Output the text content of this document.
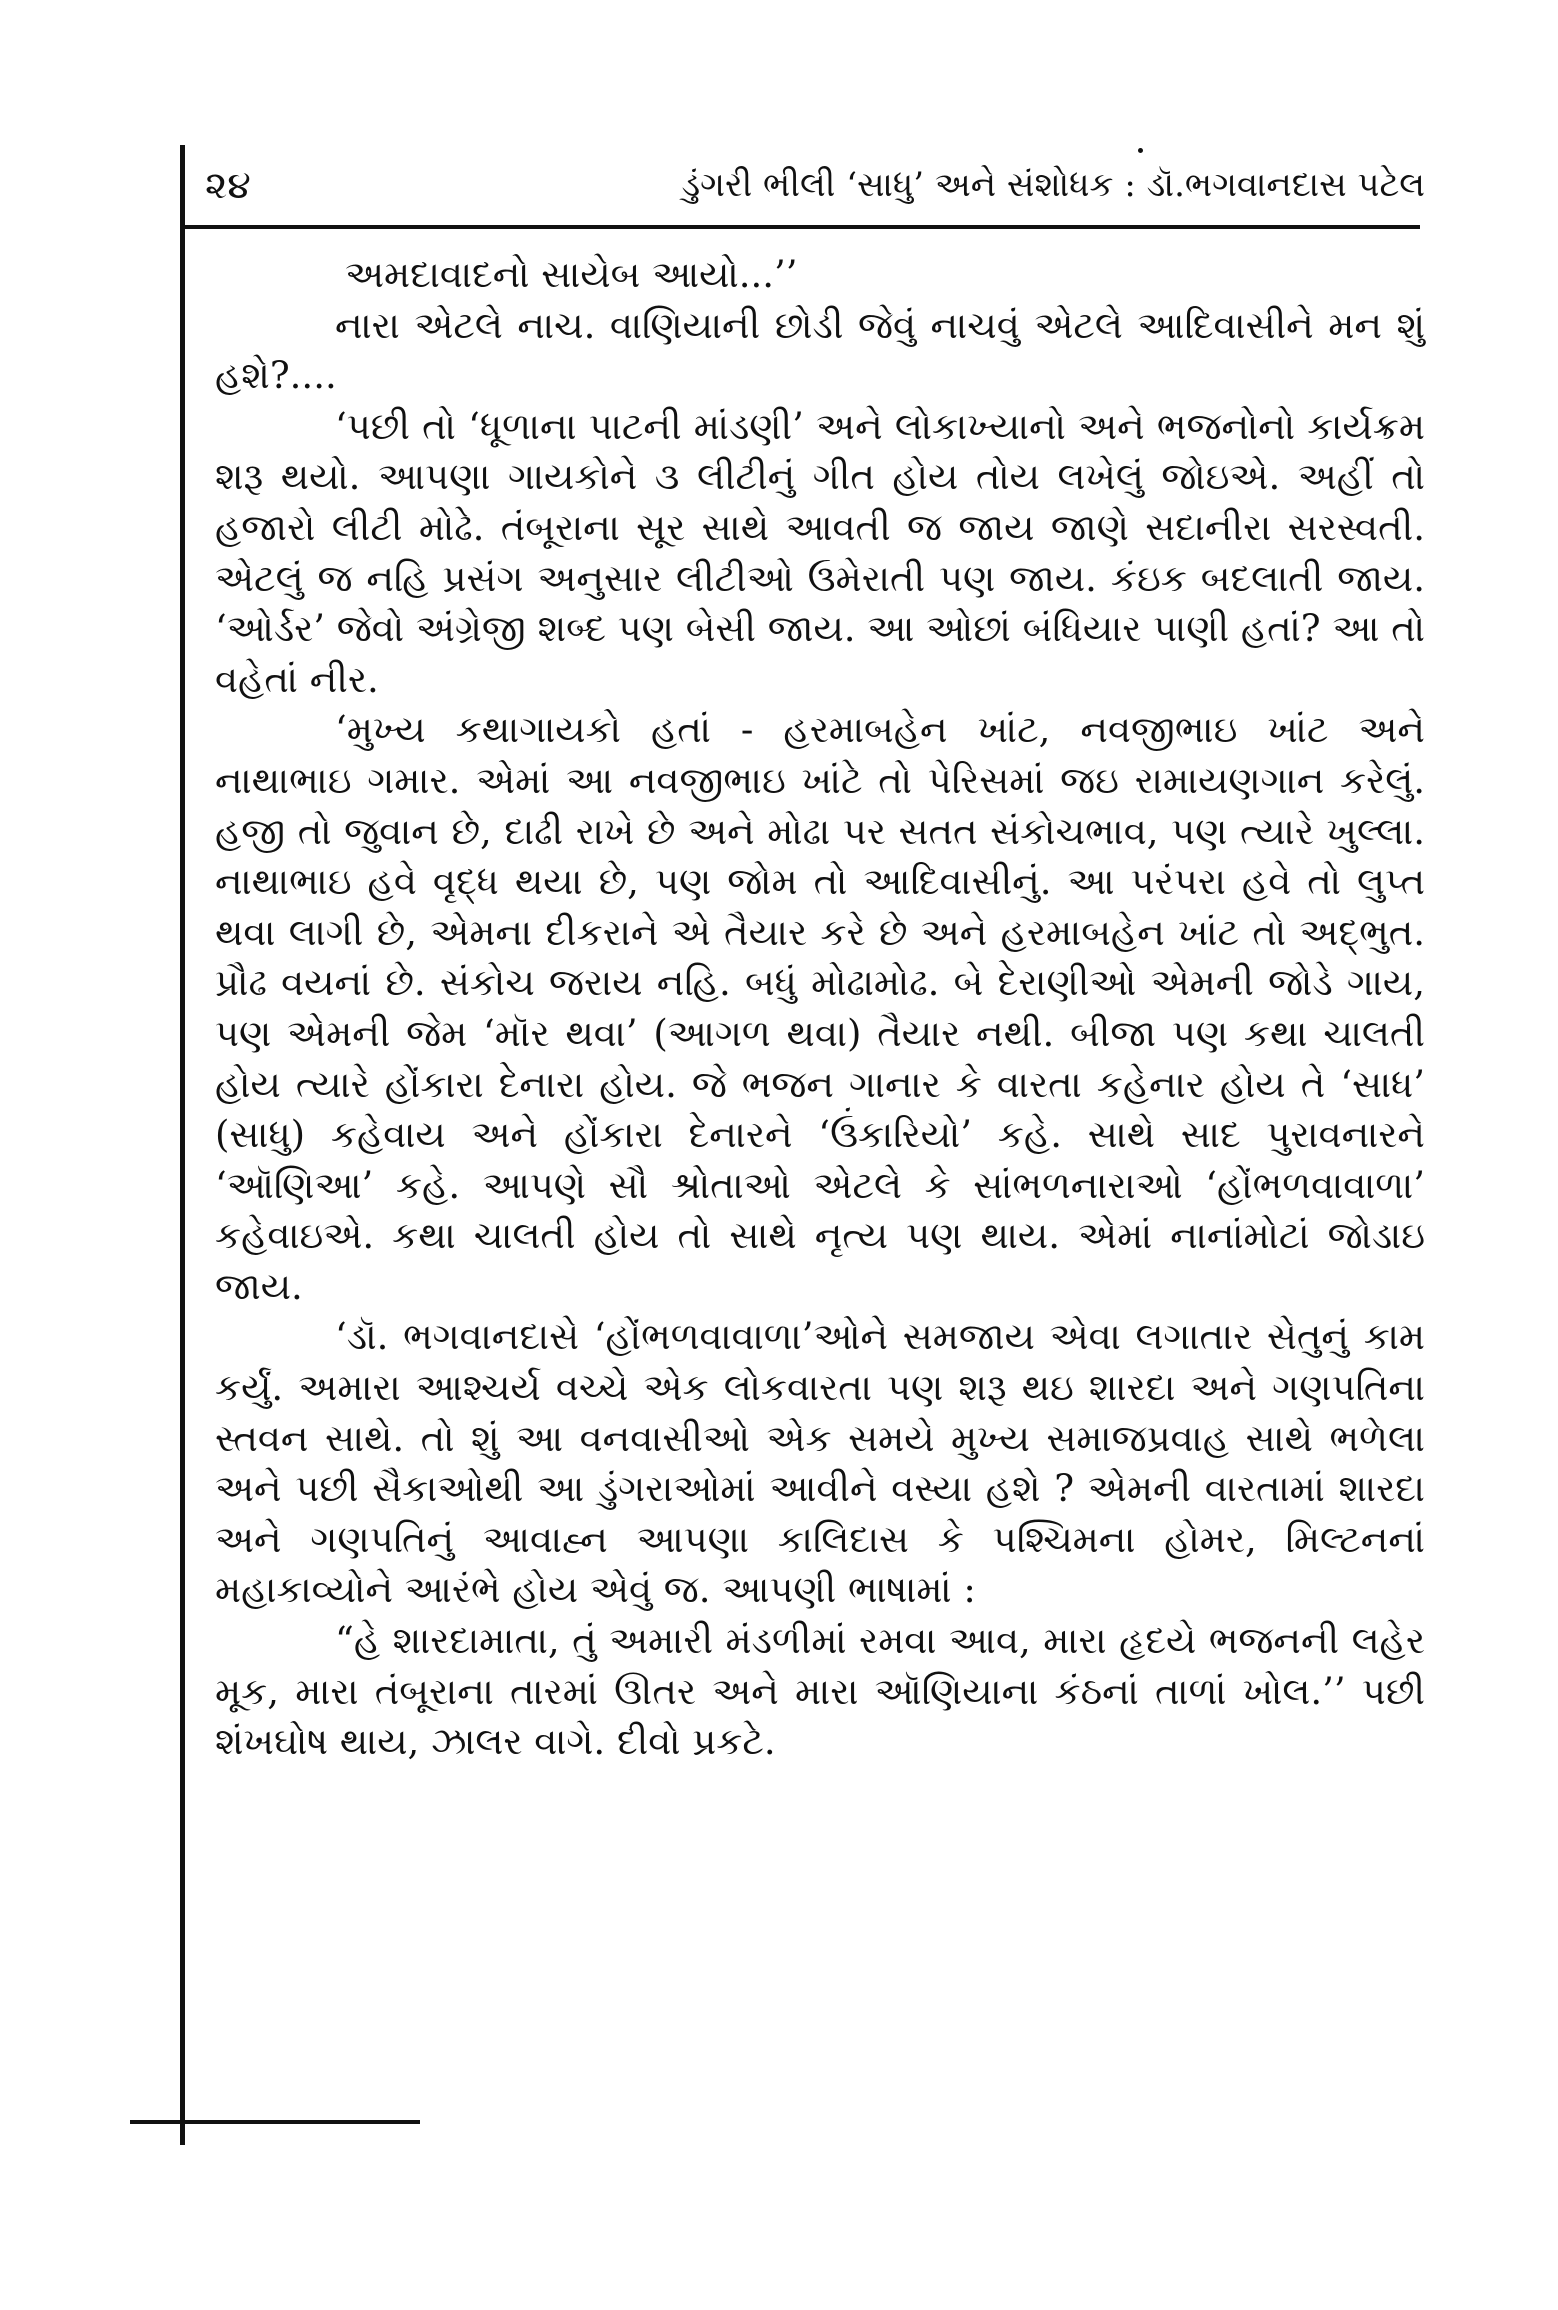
૨૪	ડુંગરી ભીલી ‘સાધુ’ અને સંશોધક : ડૉ.ભગવાનદાસ પટેલ

અમદાવાદનો સાયેબ આયો...’’

નારા એટલે નાચ. વાણિયાની છોડી જેવું નાચવું એટલે આદિવાસીને મન શું હશે?....

‘પછી તો ‘ધૂળાના પાટની માંડણી’ અને લોકાખ્યાનો અને ભજનોનો કાર્યક્રમ શરૂ થયો. આપણા ગાયકોને ૩ લીટીનું ગીત હોય તોય લખેલું જોઇએ. અહીં તો હજારો લીટી મોઢે. તંબૂરાના સૂર સાથે આવતી જ જાય જાણે સદાનીરા સરસ્વતી. એટલું જ નહિ પ્રસંગ અનુસાર લીટીઓ ઉમેરાતી પણ જાય. કંઇક બદલાતી જાય. ‘ઓર્ડર’ જેવો અંગ્રેજી શબ્દ પણ બેસી જાય. આ ઓછાં બંધિયાર પાણી હતાં? આ તો વહેતાં નીર.

‘મુખ્ય કથાગાયકો હતાં - હરમાબહેન ખાંટ, નવજીભાઇ ખાંટ અને નાથાભાઇ ગમાર. એમાં આ નવજીભાઇ ખાંટે તો પેરિસમાં જઇ રામાયણગાન કરેલું. હજી તો જુવાન છે, દાઢી રાખે છે અને મોઢા પર સતત સંકોચભાવ, પણ ત્યારે ખુલ્લા. નાથાભાઇ હવે વૃદ્ધ થયા છે, પણ જોમ તો આદિવાસીનું. આ પરંપરા હવે તો લુપ્ત થવા લાગી છે, એમના દીકરાને એ તૈયાર કરે છે અને હરમાબહેન ખાંટ તો અદ્ભુત. પ્રૌઢ વયનાં છે. સંકોચ જરાય નહિ. બધું મોઢામોઢ. બે દેરાણીઓ એમની જોડે ગાય, પણ એમની જેમ ‘મૉર થવા’ (આગળ થવા) તૈયાર નથી. બીજા પણ કથા ચાલતી હોય ત્યારે હોંકારા દેનારા હોય. જે ભજન ગાનાર કે વારતા કહેનાર હોય તે ‘સાધ’ (સાધુ) કહેવાય અને હોંકારા દેનારને ‘ઉંકારિયો’ કહે. સાથે સાદ પુરાવનારને ‘ઑણિઆ’ કહે. આપણે સૌ શ્રોતાઓ એટલે કે સાંભળનારાઓ ‘હોંભળવાવાળા’ કહેવાઇએ. કથા ચાલતી હોય તો સાથે નૃત્ય પણ થાય. એમાં નાનાંમોટાં જોડાઇ જાય.

‘ડૉ. ભગવાનદાસે ‘હોંભળવાવાળા’ઓને સમજાય એવા લગાતાર સેતુનું કામ કર્યું. અમારા આશ્ચર્ય વચ્ચે એક લોકવારતા પણ શરૂ થઇ શારદા અને ગણપતિના સ્તવન સાથે. તો શું આ વનવાસીઓ એક સમયે મુખ્ય સમાજપ્રવાહ સાથે ભળેલા અને પછી સૈકાઓથી આ ડુંગરાઓમાં આવીને વસ્યા હશે ? એમની વારતામાં શારદા અને ગણપતિનું આવાહ્ન આપણા કાલિદાસ કે પશ્ચિમના હોમર, મિલ્ટનનાં મહાકાવ્યોને આરંભે હોય એવું જ. આપણી ભાષામાં :

“હે શારદામાતા, તું અમારી મંડળીમાં રમવા આવ, મારા હૃદયે ભજનની લહેર મૂક, મારા તંબૂરાના તારમાં ઊતર અને મારા ઑણિયાના કંઠનાં તાળાં ખોલ.’’ પછી શંખઘોષ થાય, ઝાલર વાગે. દીવો પ્રકટે.
